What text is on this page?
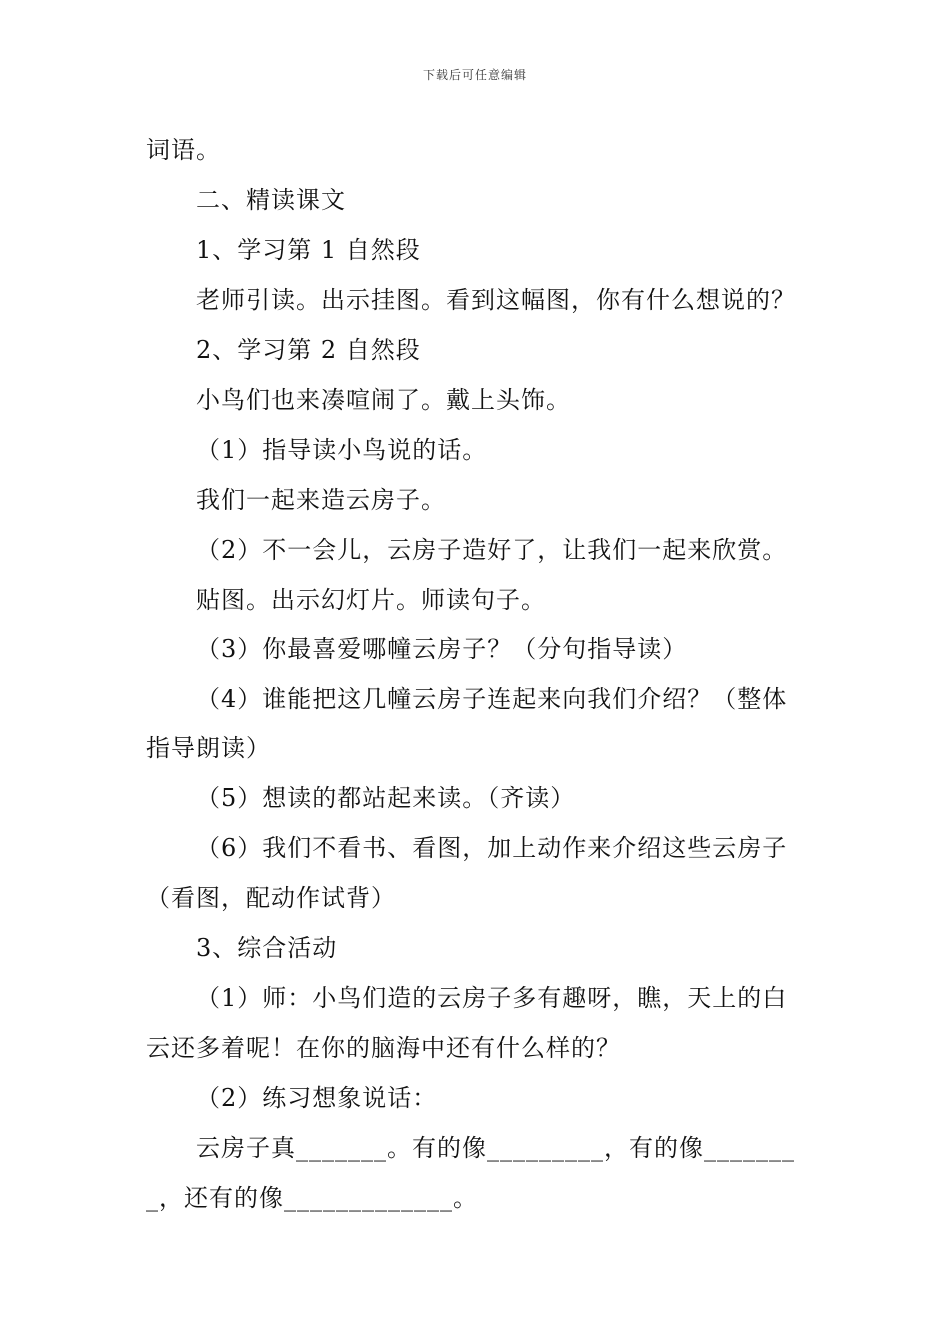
下载后可任意编辑
词语。
二、精读课文
1、学习第 1 自然段
老师引读。出示挂图。看到这幅图，你有什么想说的？
2、学习第 2 自然段
小鸟们也来凑喧闹了。戴上头饰。
（1）指导读小鸟说的话。
我们一起来造云房子。
（2）不一会儿，云房子造好了，让我们一起来欣赏。
贴图。出示幻灯片。师读句子。
（3）你最喜爱哪幢云房子？（分句指导读）
（4）谁能把这几幢云房子连起来向我们介绍？（整体
指导朗读）
（5）想读的都站起来读。（齐读）
（6）我们不看书、看图，加上动作来介绍这些云房子
（看图，配动作试背）
3、综合活动
（1）师：小鸟们造的云房子多有趣呀，瞧，天上的白
云还多着呢！在你的脑海中还有什么样的？
（2）练习想象说话：
云房子真_______。有的像_________，有的像_______
_，还有的像_____________。
